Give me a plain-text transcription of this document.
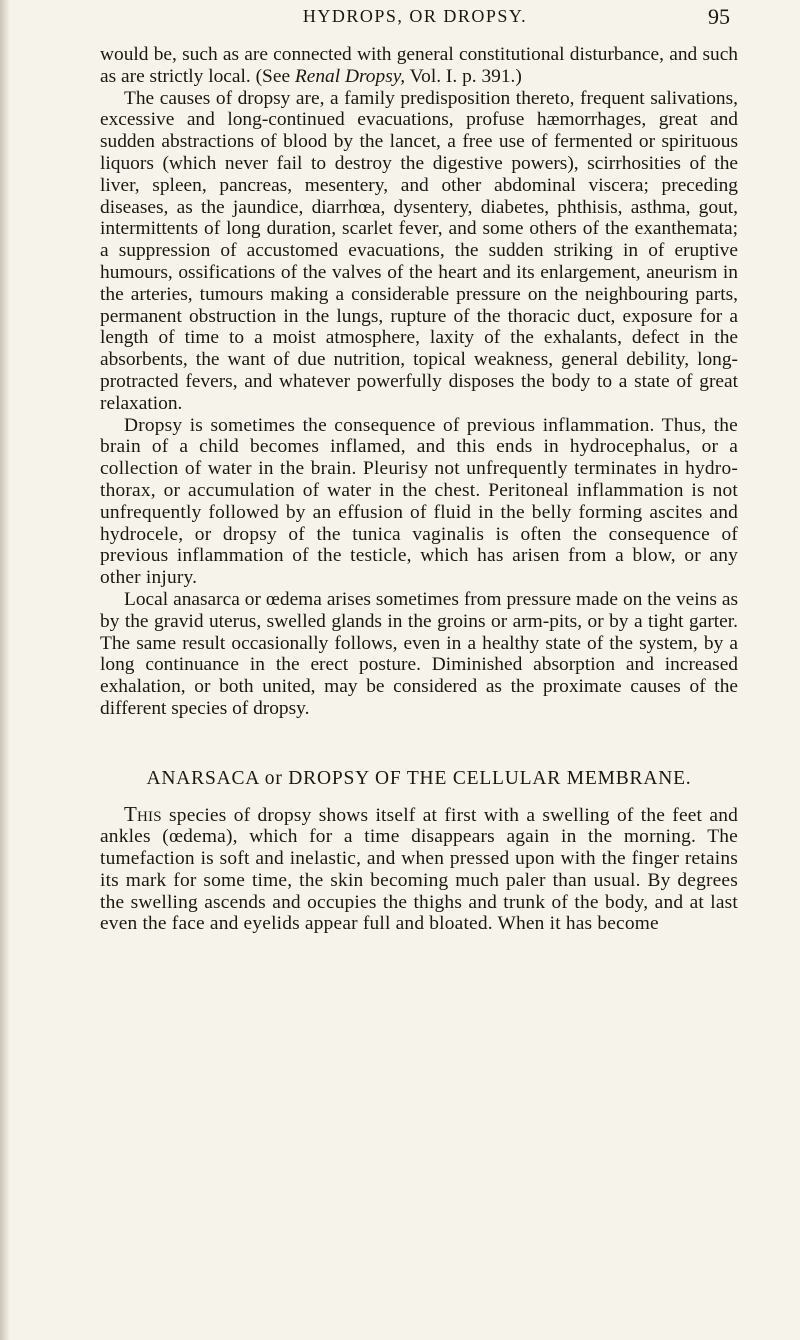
HYDROPS, OR DROPSY.	95

would be, such as are connected with general constitutional disturbance, and such as are strictly local. (See Renal Dropsy, Vol. I. p. 391.)

The causes of dropsy are, a family predisposition thereto, frequent salivations, excessive and long-continued evacuations, profuse hæmorrhages, great and sudden abstractions of blood by the lancet, a free use of fermented or spirituous liquors (which never fail to destroy the digestive powers), scirrhosities of the liver, spleen, pancreas, mesentery, and other abdominal viscera; preceding diseases, as the jaundice, diarrhœa, dysentery, diabetes, phthisis, asthma, gout, intermittents of long duration, scarlet fever, and some others of the exanthemata; a suppression of accustomed evacuations, the sudden striking in of eruptive humours, ossifications of the valves of the heart and its enlargement, aneurism in the arteries, tumours making a considerable pressure on the neighbouring parts, permanent obstruction in the lungs, rupture of the thoracic duct, exposure for a length of time to a moist atmosphere, laxity of the exhalants, defect in the absorbents, the want of due nutrition, topical weakness, general debility, long-protracted fevers, and whatever powerfully disposes the body to a state of great relaxation.

Dropsy is sometimes the consequence of previous inflammation. Thus, the brain of a child becomes inflamed, and this ends in hydrocephalus, or a collection of water in the brain. Pleurisy not unfrequently terminates in hydro-thorax, or accumulation of water in the chest. Peritoneal inflammation is not unfrequently followed by an effusion of fluid in the belly forming ascites and hydrocele, or dropsy of the tunica vaginalis is often the consequence of previous inflammation of the testicle, which has arisen from a blow, or any other injury.

Local anasarca or œdema arises sometimes from pressure made on the veins as by the gravid uterus, swelled glands in the groins or arm-pits, or by a tight garter. The same result occasionally follows, even in a healthy state of the system, by a long continuance in the erect posture. Diminished absorption and increased exhalation, or both united, may be considered as the proximate causes of the different species of dropsy.

ANARSACA or DROPSY OF THE CELLULAR MEMBRANE.

This species of dropsy shows itself at first with a swelling of the feet and ankles (œdema), which for a time disappears again in the morning. The tumefaction is soft and inelastic, and when pressed upon with the finger retains its mark for some time, the skin becoming much paler than usual. By degrees the swelling ascends and occupies the thighs and trunk of the body, and at last even the face and eyelids appear full and bloated. When it has become
